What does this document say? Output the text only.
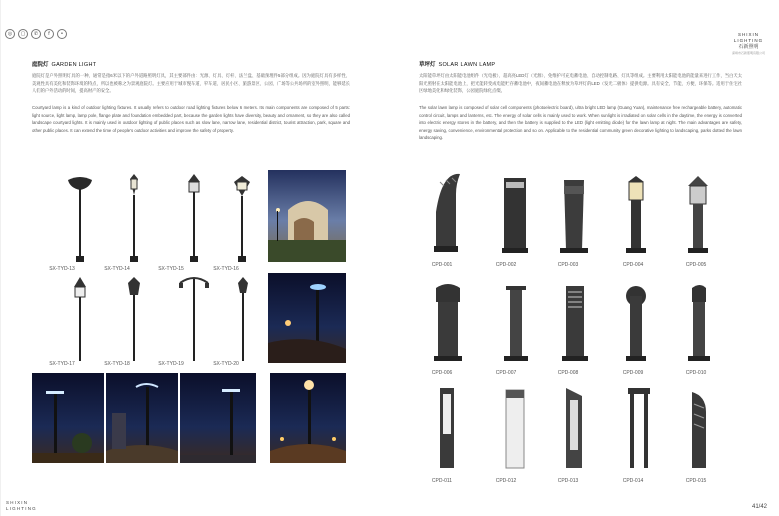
◎	▢	✆	f	•	SHIXIN
LIGHTING
石新照明
深圳市石新照明有限公司
庭院灯 GARDEN LIGHT
庭院灯是户外照明灯具的一种，通常是指6米以下的户外道路照明灯具，其主要部件由：光源、灯具、灯杆、法兰盘、基础预埋件5部分组成。因为庭院灯具有多样性、美观性具有美化和装饰环境的特点，所以也被称之为景观庭院灯。主要应用于城市慢车道、窄车道、居民小区、旅游景区、公园、广场等公共场所的室外照明，能够延长人们的户外活动的时间，提高财产的安全。
Courtyard lamp is a kind of outdoor lighting fixtures. It usually refers to outdoor road lighting fixtures below 6 meters. Its main components are composed of 5 parts: light source, light lamp, lamp pole, flange plate and foundation embedded part, because the garden lights have diversity, beauty and ornament, so they are also called landscape courtyard lights. It is mainly used in outdoor lighting of public places such as slow lane, narrow lane, residential district, tourist attraction, park, square and other public places. It can extend the time of people's outdoor activities and improve the safety of property.
SX-TYD-13	SX-TYD-14	SX-TYD-15	SX-TYD-16
SX-TYD-17	SX-TYD-18	SX-TYD-19	SX-TYD-20
草坪灯 SOLAR LAWN LAMP
太阳能草坪灯由太阳能电池组件（光电板）、超高亮LED灯（光源）、免维护可充电蓄电池、自动控制电路、灯具等组成。主要利用太阳能电池的能量来进行工作，当白天太阳光照射在太阳能电池上，把光能转变成电能贮存蓄电池中，夜间蓄电池在释放为草坪灯的LED（发光二极体）提供电源。具有安全、节能、方便、环保等。适用于住宅社区绿地美化和绿化装饰，公园庭院绿化点缀。
The solar lawn lamp is composed of solar cell components (photoelectric board), ultra bright LED lamp (Guang Yuan), maintenance free rechargeable battery, automatic control circuit, lamps and lanterns, etc. The energy of solar cells is mainly used to work. When sunlight is irradiated on solar cells in the daytime, the energy is converted into electric energy stores in the battery, and then the battery is supplied to the LED (light emitting diode) for the lawn lamp at night. The main advantages are safety, energy saving, convenience, environmental protection and so on. Applicable to the residential community green decorative lighting to landscaping, parks dotted the lawn landscaping.
CPD-001	CPD-002	CPD-003	CPD-004	CPD-005
CPD-006	CPD-007	CPD-008	CPD-009	CPD-010
CPD-011	CPD-012	CPD-013	CPD-014	CPD-015
SHIXIN
LIGHTING	41/42
